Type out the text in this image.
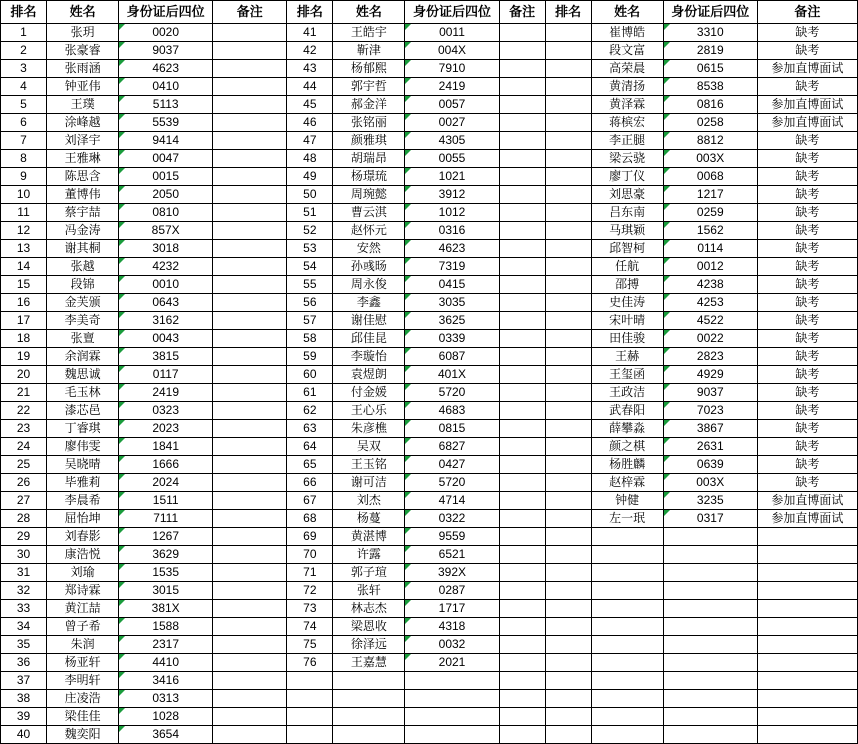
排名	姓名	身份证后四位	备注	排名	姓名	身份证后四位	备注	排名	姓名	身份证后四位	备注
1	张玥	0020		41	王皓宇	0011			崔博皓	3310	缺考
2	张豪睿	9037		42	靳津	004X			段文富	2819	缺考
3	张雨涵	4623		43	杨郁熙	7910			高荣晨	0615	参加直博面试
4	钟亚伟	0410		44	郭宇哲	2419			黄清扬	8538	缺考
5	王璞	5113		45	郝金洋	0057			黄泽霖	0816	参加直博面试
6	涂峰越	5539		46	张铭丽	0027			蒋槟宏	0258	参加直博面试
7	刘泽宇	9414		47	颜雅琪	4305			李正腿	8812	缺考
8	王雅琳	0047		48	胡瑞昂	0055			梁云骁	003X	缺考
9	陈思含	0015		49	杨璟琉	1021			廖丁仪	0068	缺考
10	董博伟	2050		50	周琬懿	3912			刘思豪	1217	缺考
11	蔡宇喆	0810		51	曹云淇	1012			吕东南	0259	缺考
12	冯金涛	857X		52	赵怀元	0316			马琪颖	1562	缺考
13	谢其桐	3018		53	安然	4623			邱智柯	0114	缺考
14	张越	4232		54	孙彧旸	7319			任航	0012	缺考
15	段锦	0010		55	周永俊	0415			邵搏	4238	缺考
16	金芙颁	0643		56	李鑫	3035			史佳涛	4253	缺考
17	李美奇	3162		57	谢佳慰	3625			宋叶晴	4522	缺考
18	张亶	0043		58	邱佳昆	0339			田佳骏	0022	缺考
19	余润霖	3815		59	李璇怡	6087			王赫	2823	缺考
20	魏思诚	0117		60	袁煜朗	401X			王玺函	4929	缺考
21	毛玉林	2419		61	付金媛	5720			王政洁	9037	缺考
22	漆芯邑	0323		62	王心乐	4683			武春阳	7023	缺考
23	丁睿琪	2023		63	朱彦樵	0815			薛攀淼	3867	缺考
24	廖伟雯	1841		64	吴双	6827			颜之棋	2631	缺考
25	吴晓晴	1666		65	王玉铭	0427			杨胜麟	0639	缺考
26	毕雅莉	2024		66	谢可洁	5720			赵梓霖	003X	缺考
27	李晨希	1511		67	刘杰	4714			钟健	3235	参加直博面试
28	屈怡坤	7111		68	杨蔓	0322			左一珉	0317	参加直博面试
29	刘春影	1267		69	黄湛博	9559					
30	康浩悦	3629		70	许露	6521					
31	刘瑜	1535		71	郭子瑄	392X					
32	郑诗霖	3015		72	张轩	0287					
33	黄江喆	381X		73	林志杰	1717					
34	曾子希	1588		74	梁恩收	4318					
35	朱润	2317		75	徐泽远	0032					
36	杨亚轩	4410		76	王嘉慧	2021					
37	李明轩	3416									
38	庄凌浩	0313									
39	梁佳佳	1028									
40	魏奕阳	3654									
